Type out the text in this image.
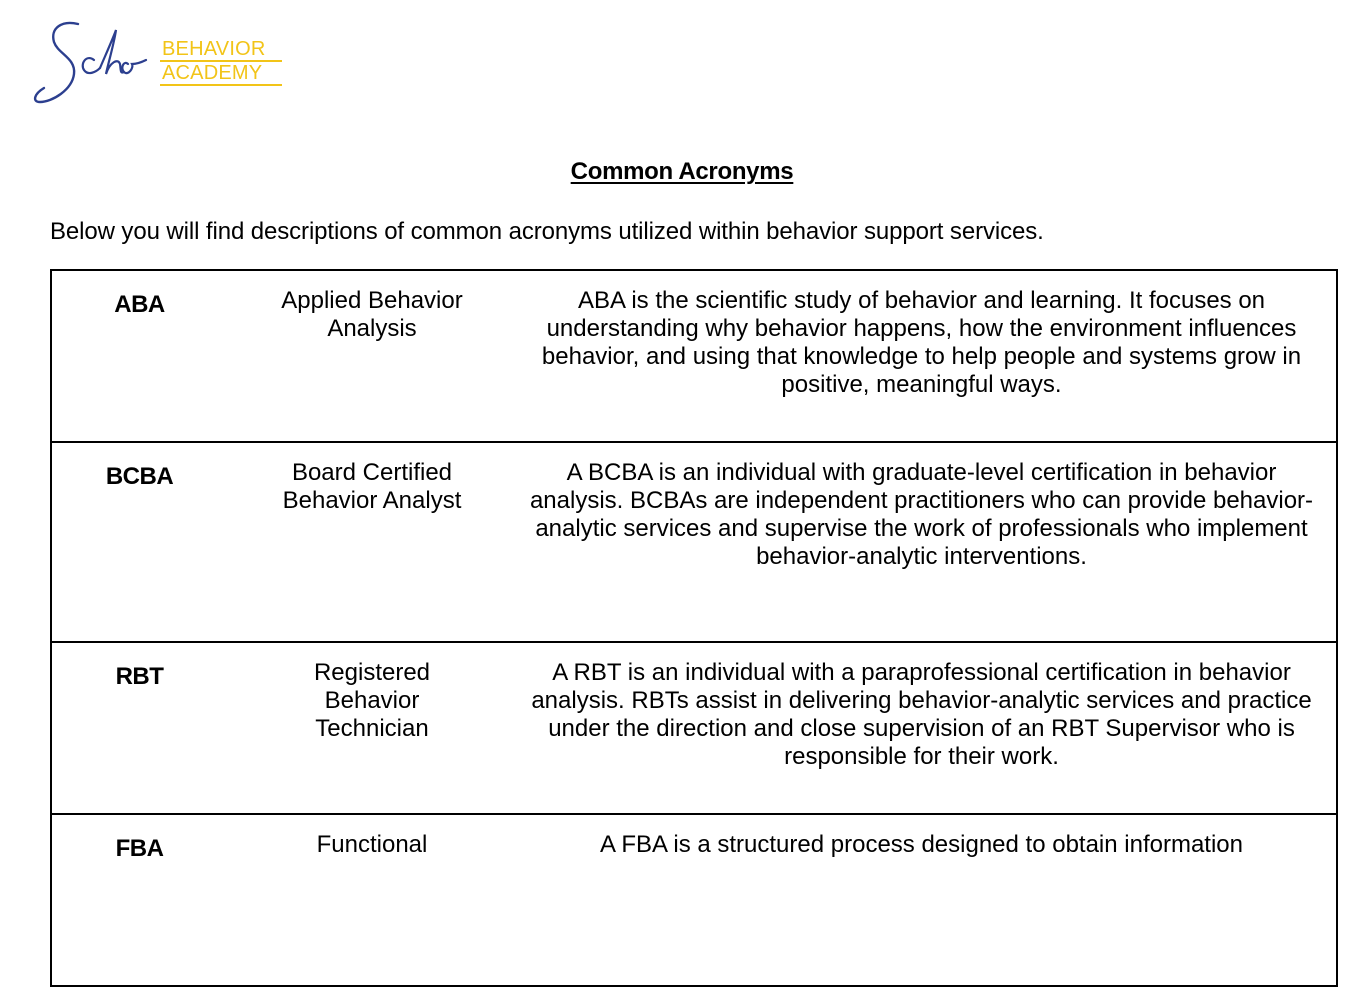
BEHAVIOR
ACADEMY
Common Acronyms
Below you will find descriptions of common acronyms utilized within behavior support services.
ABA	Applied Behavior Analysis	ABA is the scientific study of behavior and learning. It focuses on understanding why behavior happens, how the environment influences behavior, and using that knowledge to help people and systems grow in positive, meaningful ways.
BCBA	Board Certified Behavior Analyst	A BCBA is an individual with graduate-level certification in behavior analysis. BCBAs are independent practitioners who can provide behavior-analytic services and supervise the work of professionals who implement behavior-analytic interventions.
RBT	Registered Behavior Technician	A RBT is an individual with a paraprofessional certification in behavior analysis. RBTs assist in delivering behavior-analytic services and practice under the direction and close supervision of an RBT Supervisor who is responsible for their work.
FBA	Functional	A FBA is a structured process designed to obtain information
